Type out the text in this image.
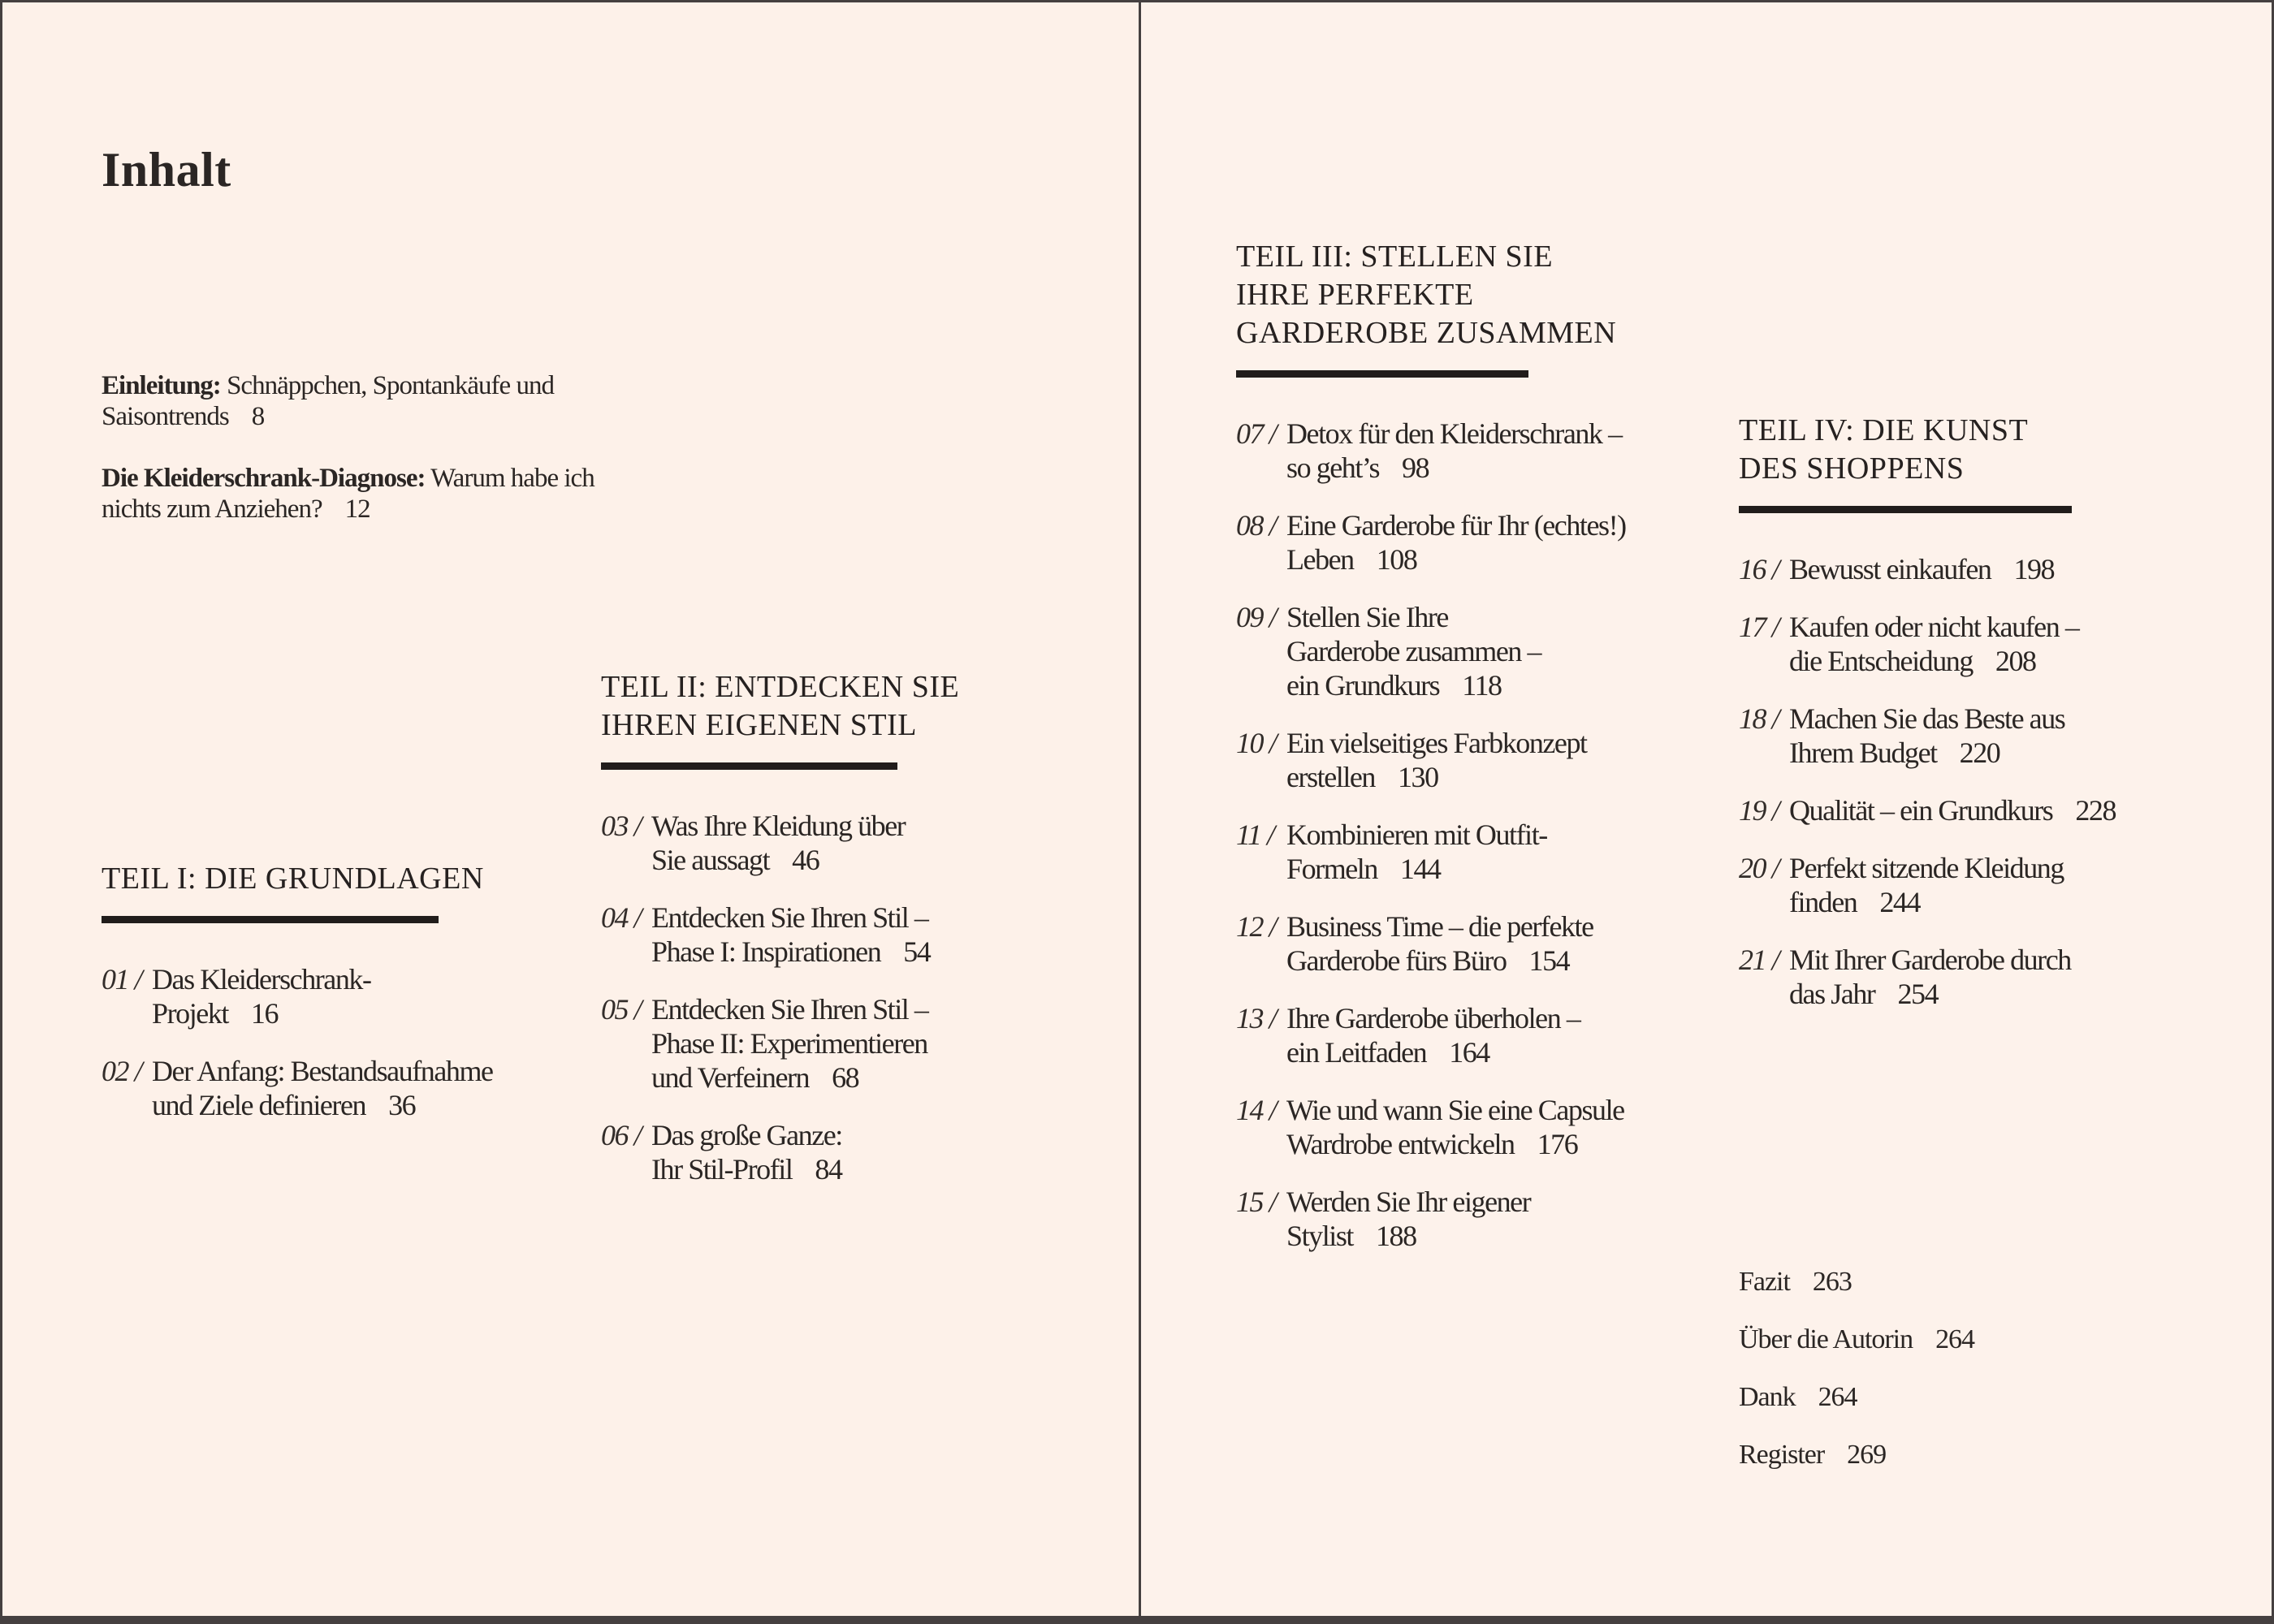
Inhalt

Einleitung: Schnäppchen, Spontankäufe und
Saisontrends 8

Die Kleiderschrank-Diagnose: Warum habe ich
nichts zum Anziehen? 12

TEIL I: DIE GRUNDLAGEN
01 / Das Kleiderschrank-
Projekt 16
02 / Der Anfang: Bestandsaufnahme
und Ziele definieren 36
TEIL II: ENTDECKEN SIE
IHREN EIGENEN STIL
03 / Was Ihre Kleidung über
Sie aussagt 46
04 / Entdecken Sie Ihren Stil –
Phase I: Inspirationen 54
05 / Entdecken Sie Ihren Stil –
Phase II: Experimentieren
und Verfeinern 68
06 / Das große Ganze:
Ihr Stil-Profil 84
TEIL III: STELLEN SIE
IHRE PERFEKTE
GARDEROBE ZUSAMMEN
07 / Detox für den Kleiderschrank –
so geht’s 98
08 / Eine Garderobe für Ihr (echtes!)
Leben 108
09 / Stellen Sie Ihre
Garderobe zusammen –
ein Grundkurs 118
10 / Ein vielseitiges Farbkonzept
erstellen 130
11 / Kombinieren mit Outfit-
Formeln 144
12 / Business Time – die perfekte
Garderobe fürs Büro 154
13 / Ihre Garderobe überholen –
ein Leitfaden 164
14 / Wie und wann Sie eine Capsule
Wardrobe entwickeln 176
15 / Werden Sie Ihr eigener
Stylist 188
TEIL IV: DIE KUNST
DES SHOPPENS
16 / Bewusst einkaufen 198
17 / Kaufen oder nicht kaufen –
die Entscheidung 208
18 / Machen Sie das Beste aus
Ihrem Budget 220
19 / Qualität – ein Grundkurs 228
20 / Perfekt sitzende Kleidung
finden 244
21 / Mit Ihrer Garderobe durch
das Jahr 254

Fazit 263

Über die Autorin 264

Dank 264

Register 269
